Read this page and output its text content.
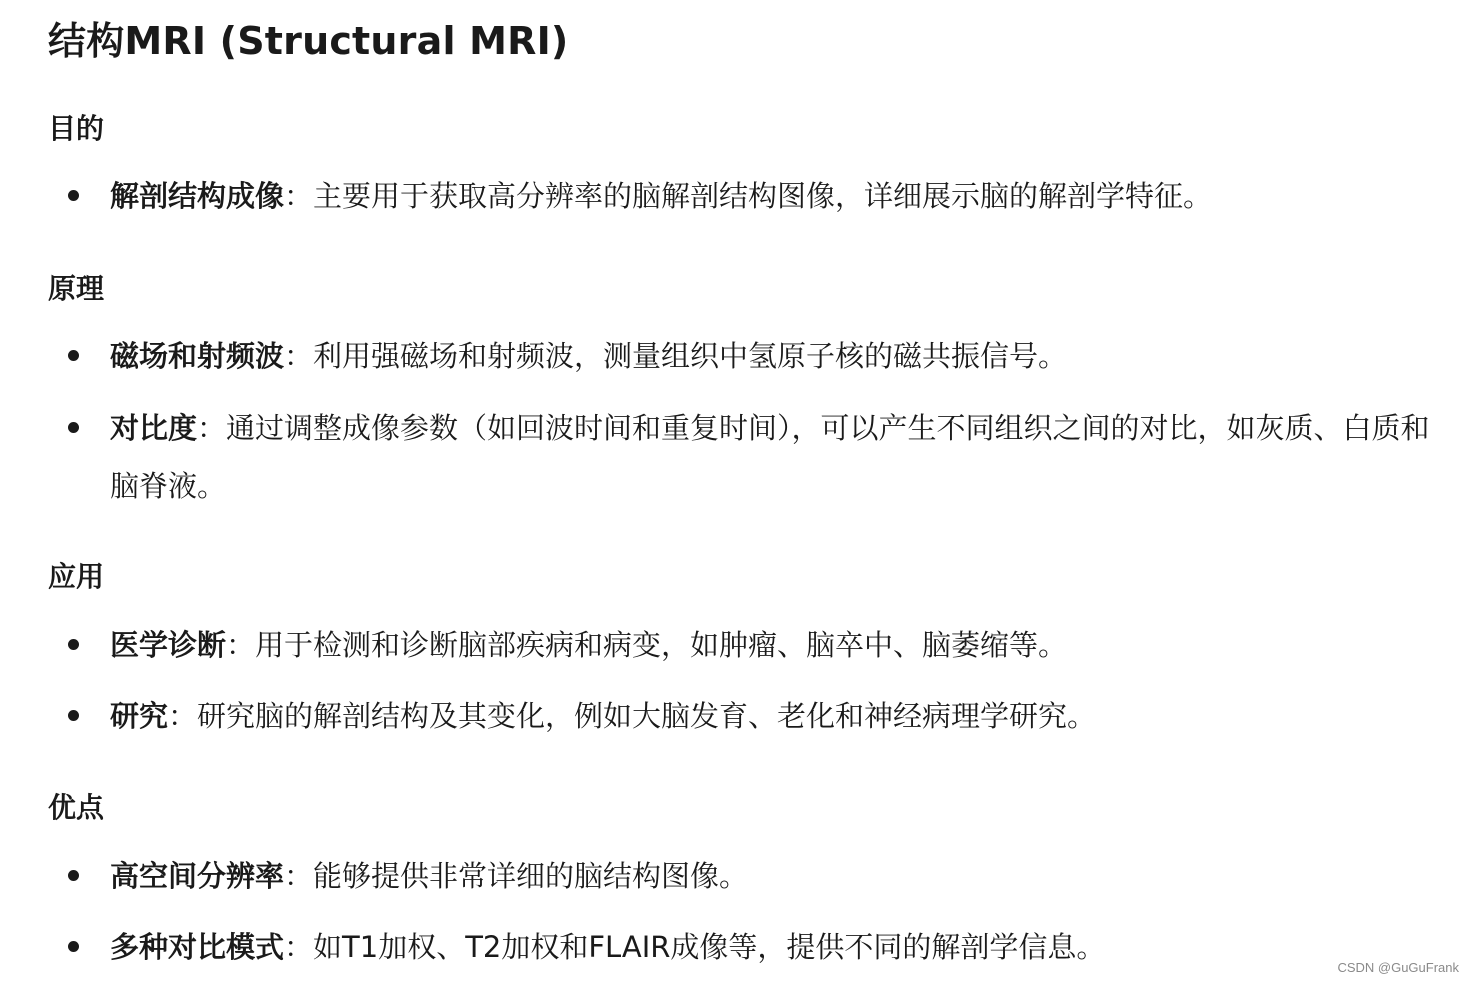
结构MRI (Structural MRI)
目的
解剖结构成像：主要用于获取高分辨率的脑解剖结构图像，详细展示脑的解剖学特征。
原理
磁场和射频波：利用强磁场和射频波，测量组织中氢原子核的磁共振信号。
对比度：通过调整成像参数（如回波时间和重复时间），可以产生不同组织之间的对比，如灰质、白质和脑脊液。
应用
医学诊断：用于检测和诊断脑部疾病和病变，如肿瘤、脑卒中、脑萎缩等。
研究：研究脑的解剖结构及其变化，例如大脑发育、老化和神经病理学研究。
优点
高空间分辨率：能够提供非常详细的脑结构图像。
多种对比模式：如T1加权、T2加权和FLAIR成像等，提供不同的解剖学信息。
CSDN @GuGuFrank
